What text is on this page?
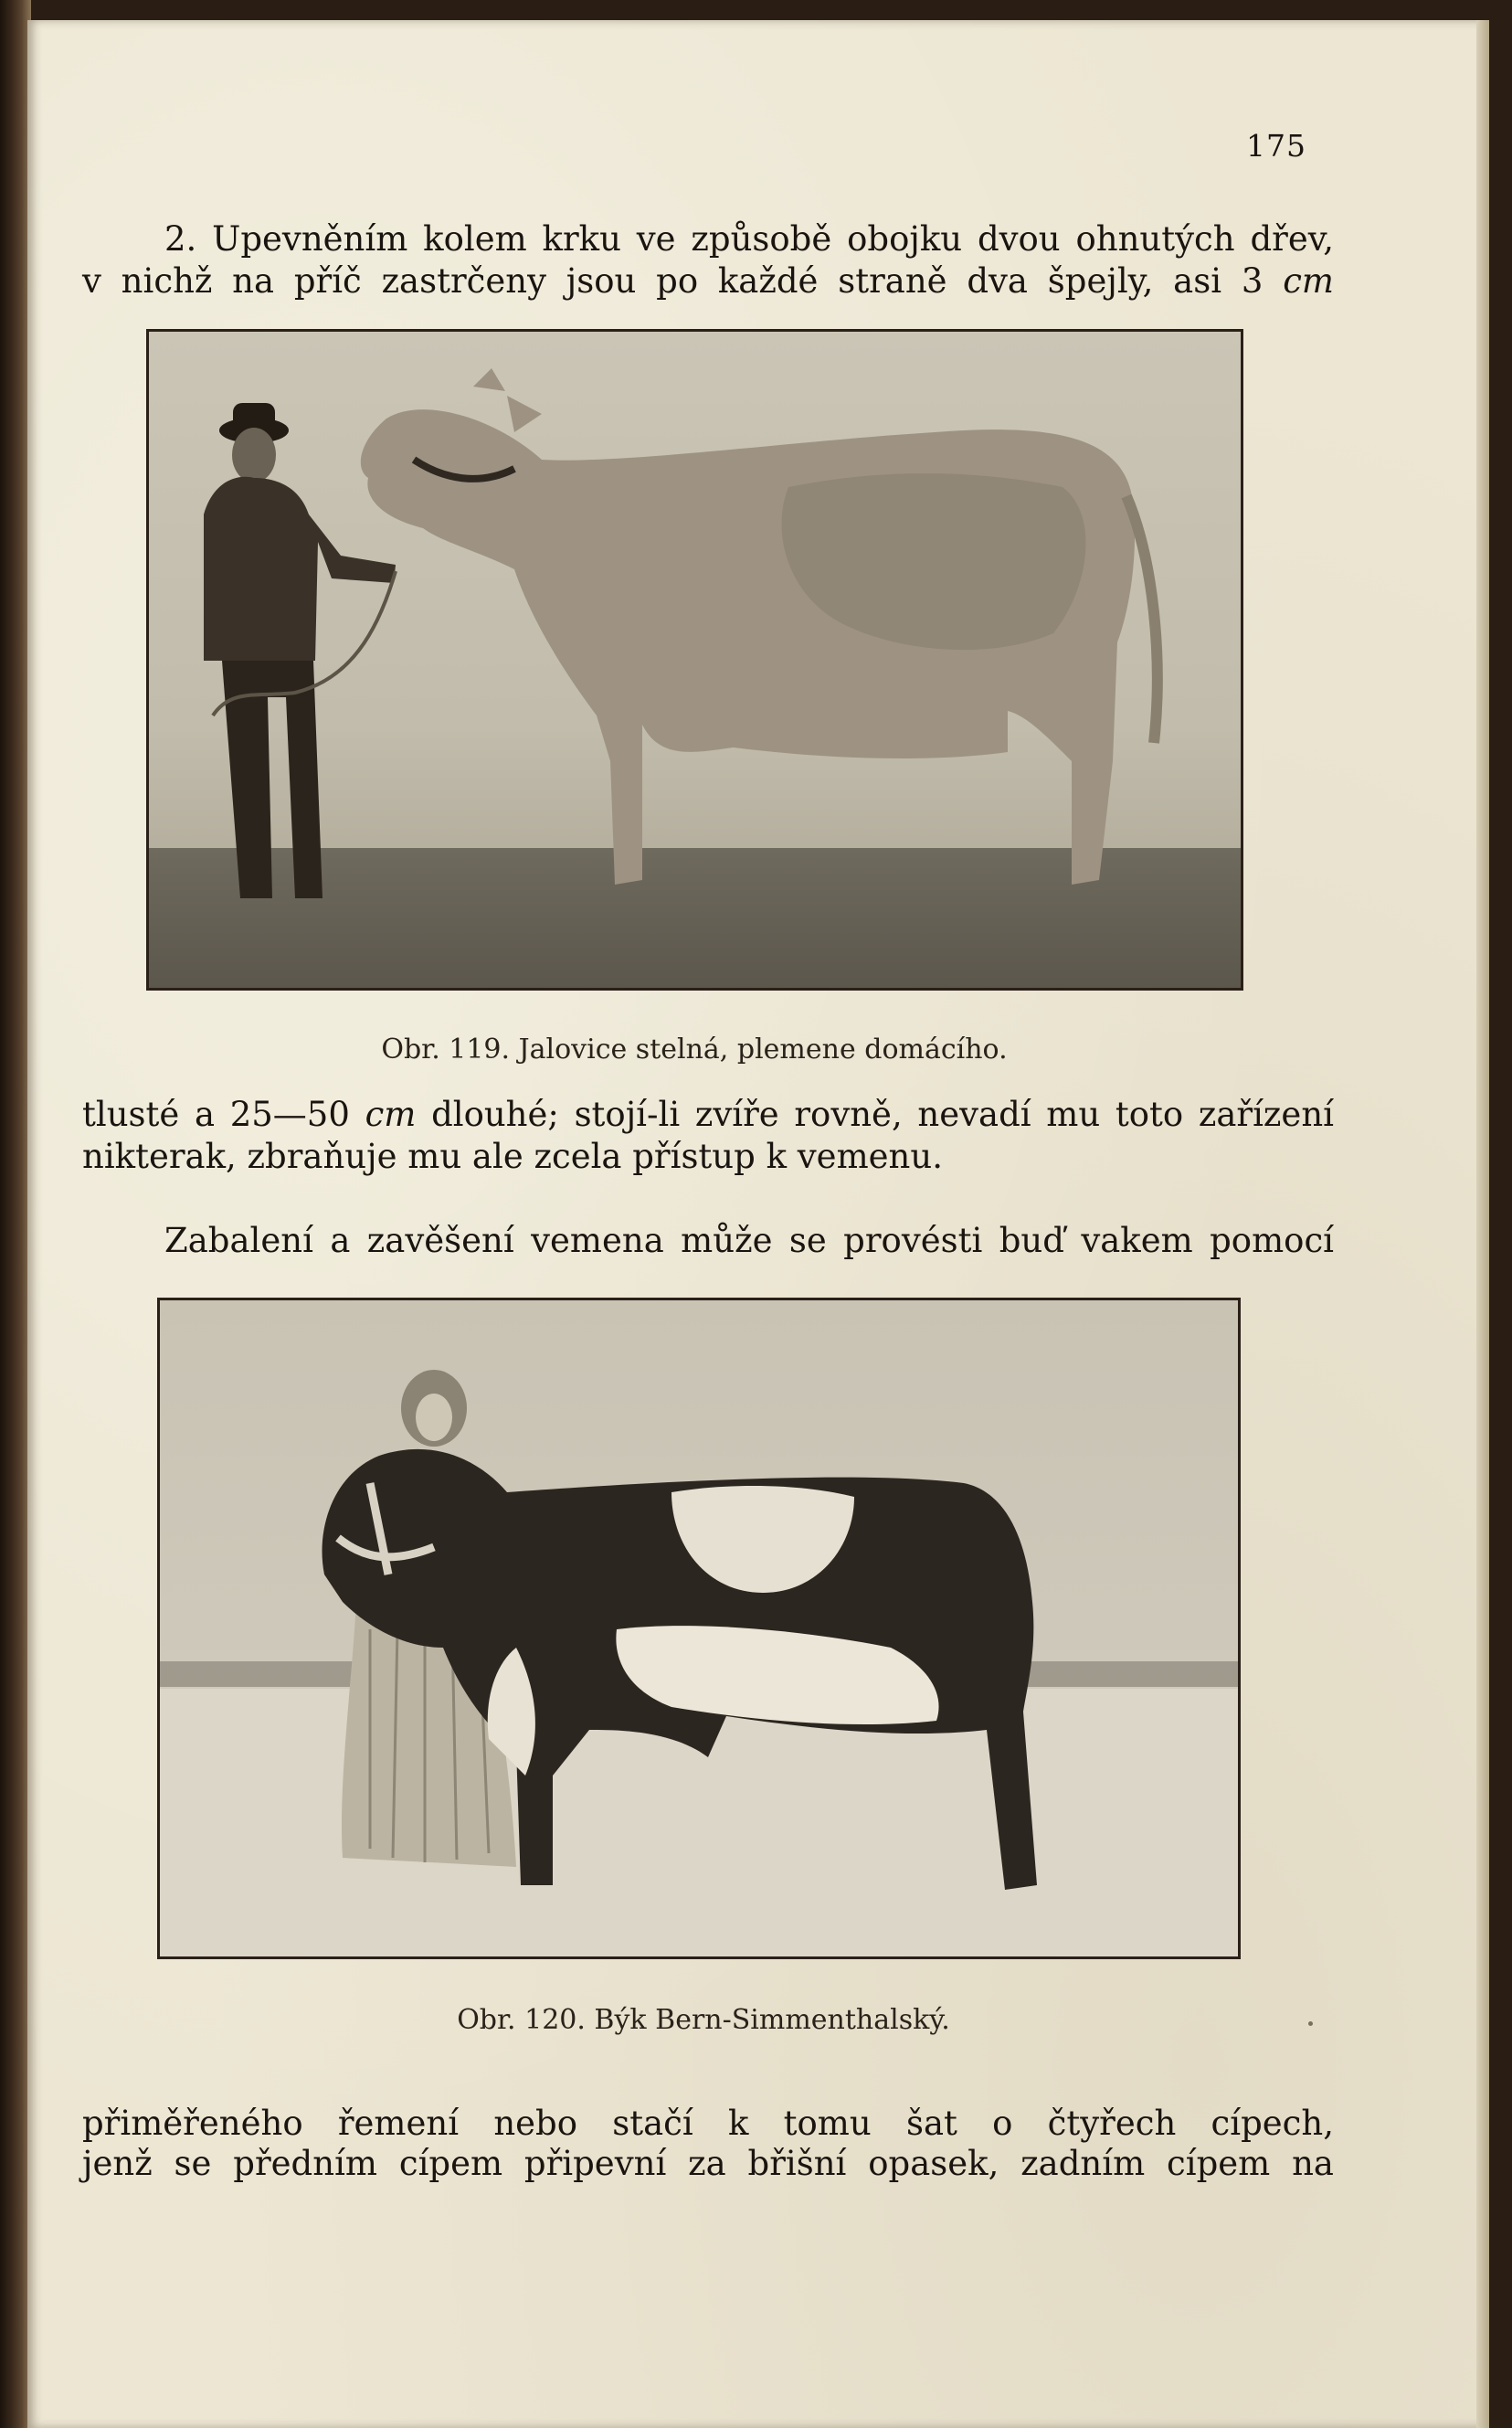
175
2. Upevněním kolem krku ve způsobě obojku dvou ohnutých dřev,
v nichž na příč zastrčeny jsou po každé straně dva špejly, asi 3 cm
Obr. 119. Jalovice stelná, plemene domácího.
tlusté a 25—50 cm dlouhé; stojí-li zvíře rovně, nevadí mu toto zařízení
nikterak, zbraňuje mu ale zcela přístup k vemenu.
Zabalení a zavěšení vemena může se provésti buď vakem pomocí
Obr. 120. Býk Bern-Simmenthalský.
přiměřeného řemení nebo stačí k tomu šat o čtyřech cípech,
jenž se předním cípem připevní za břišní opasek, zadním cípem na
